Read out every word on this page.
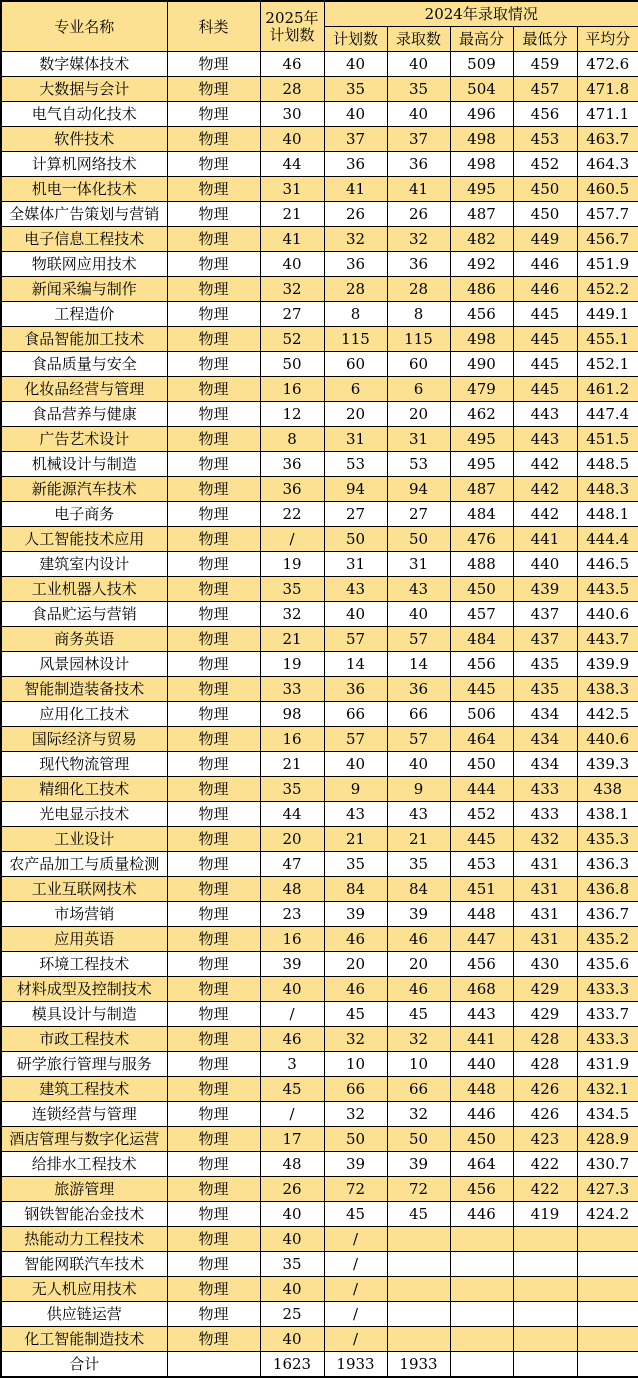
专业名称	科类	2025年
计划数	2024年录取情况				
			计划数	录取数	最高分	最低分	平均分
数字媒体技术	物理	46	40	40	509	459	472.6
大数据与会计	物理	28	35	35	504	457	471.8
电气自动化技术	物理	30	40	40	496	456	471.1
软件技术	物理	40	37	37	498	453	463.7
计算机网络技术	物理	44	36	36	498	452	464.3
机电一体化技术	物理	31	41	41	495	450	460.5
全媒体广告策划与营销	物理	21	26	26	487	450	457.7
电子信息工程技术	物理	41	32	32	482	449	456.7
物联网应用技术	物理	40	36	36	492	446	451.9
新闻采编与制作	物理	32	28	28	486	446	452.2
工程造价	物理	27	8	8	456	445	449.1
食品智能加工技术	物理	52	115	115	498	445	455.1
食品质量与安全	物理	50	60	60	490	445	452.1
化妆品经营与管理	物理	16	6	6	479	445	461.2
食品营养与健康	物理	12	20	20	462	443	447.4
广告艺术设计	物理	8	31	31	495	443	451.5
机械设计与制造	物理	36	53	53	495	442	448.5
新能源汽车技术	物理	36	94	94	487	442	448.3
电子商务	物理	22	27	27	484	442	448.1
人工智能技术应用	物理	/	50	50	476	441	444.4
建筑室内设计	物理	19	31	31	488	440	446.5
工业机器人技术	物理	35	43	43	450	439	443.5
食品贮运与营销	物理	32	40	40	457	437	440.6
商务英语	物理	21	57	57	484	437	443.7
风景园林设计	物理	19	14	14	456	435	439.9
智能制造装备技术	物理	33	36	36	445	435	438.3
应用化工技术	物理	98	66	66	506	434	442.5
国际经济与贸易	物理	16	57	57	464	434	440.6
现代物流管理	物理	21	40	40	450	434	439.3
精细化工技术	物理	35	9	9	444	433	438
光电显示技术	物理	44	43	43	452	433	438.1
工业设计	物理	20	21	21	445	432	435.3
农产品加工与质量检测	物理	47	35	35	453	431	436.3
工业互联网技术	物理	48	84	84	451	431	436.8
市场营销	物理	23	39	39	448	431	436.7
应用英语	物理	16	46	46	447	431	435.2
环境工程技术	物理	39	20	20	456	430	435.6
材料成型及控制技术	物理	40	46	46	468	429	433.3
模具设计与制造	物理	/	45	45	443	429	433.7
市政工程技术	物理	46	32	32	441	428	433.3
研学旅行管理与服务	物理	3	10	10	440	428	431.9
建筑工程技术	物理	45	66	66	448	426	432.1
连锁经营与管理	物理	/	32	32	446	426	434.5
酒店管理与数字化运营	物理	17	50	50	450	423	428.9
给排水工程技术	物理	48	39	39	464	422	430.7
旅游管理	物理	26	72	72	456	422	427.3
钢铁智能冶金技术	物理	40	45	45	446	419	424.2
热能动力工程技术	物理	40	/				
智能网联汽车技术	物理	35	/				
无人机应用技术	物理	40	/				
供应链运营	物理	25	/				
化工智能制造技术	物理	40	/				
合计		1623	1933	1933			
